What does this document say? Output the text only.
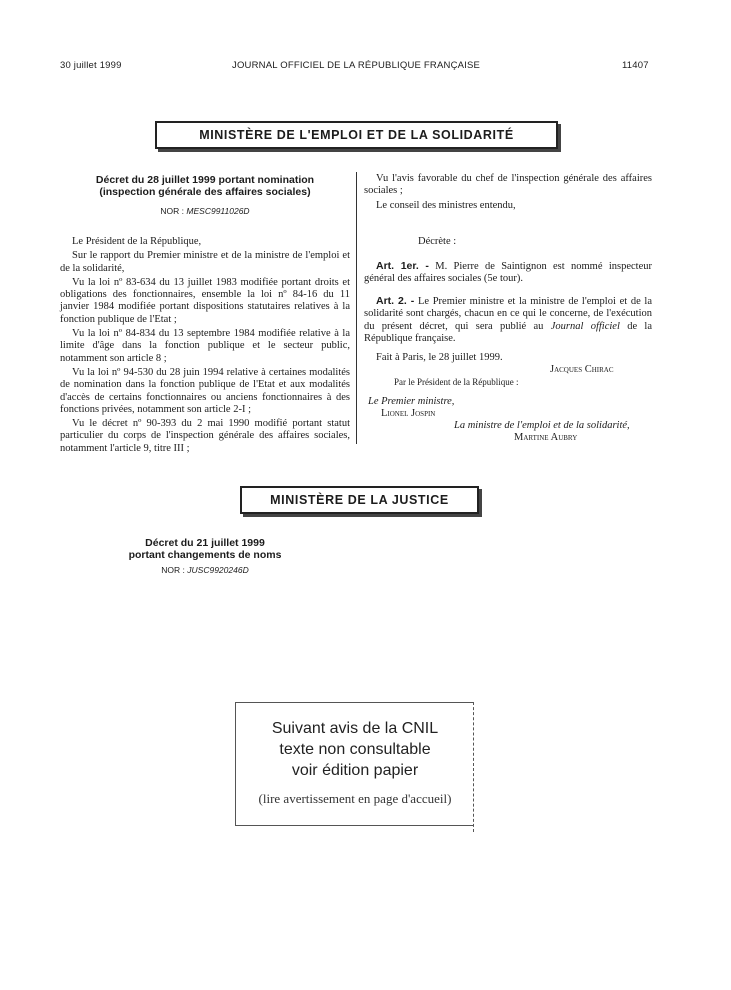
30 juillet 1999	JOURNAL OFFICIEL DE LA RÉPUBLIQUE FRANÇAISE	11407
MINISTÈRE DE L'EMPLOI ET DE LA SOLIDARITÉ
Décret du 28 juillet 1999 portant nomination
(inspection générale des affaires sociales)
NOR : MESC9911026D

Le Président de la République,

Sur le rapport du Premier ministre et de la ministre de l'emploi et de la solidarité,

Vu la loi nº 83-634 du 13 juillet 1983 modifiée portant droits et obligations des fonctionnaires, ensemble la loi nº 84-16 du 11 janvier 1984 modifiée portant dispositions statutaires relatives à la fonction publique de l'Etat ;

Vu la loi nº 84-834 du 13 septembre 1984 modifiée relative à la limite d'âge dans la fonction publique et le secteur public, notamment son article 8 ;

Vu la loi nº 94-530 du 28 juin 1994 relative à certaines modalités de nomination dans la fonction publique de l'Etat et aux modalités d'accès de certains fonctionnaires ou anciens fonctionnaires à des fonctions privées, notamment son article 2-I ;

Vu le décret nº 90-393 du 2 mai 1990 modifié portant statut particulier du corps de l'inspection générale des affaires sociales, notamment l'article 9, titre III ;

Vu l'avis favorable du chef de l'inspection générale des affaires sociales ;

Le conseil des ministres entendu,

Décrète :

Art. 1er. - M. Pierre de Saintignon est nommé inspecteur général des affaires sociales (5e tour).

Art. 2. - Le Premier ministre et la ministre de l'emploi et de la solidarité sont chargés, chacun en ce qui le concerne, de l'exécution du présent décret, qui sera publié au Journal officiel de la République française.

Fait à Paris, le 28 juillet 1999.
Jacques Chirac
Par le Président de la République :
Le Premier ministre,
Lionel Jospin
La ministre de l'emploi et de la solidarité,
Martine Aubry
MINISTÈRE DE LA JUSTICE
Décret du 21 juillet 1999
portant changements de noms
NOR : JUSC9920246D
Suivant avis de la CNIL
texte non consultable
voir édition papier
(lire avertissement en page d'accueil)
